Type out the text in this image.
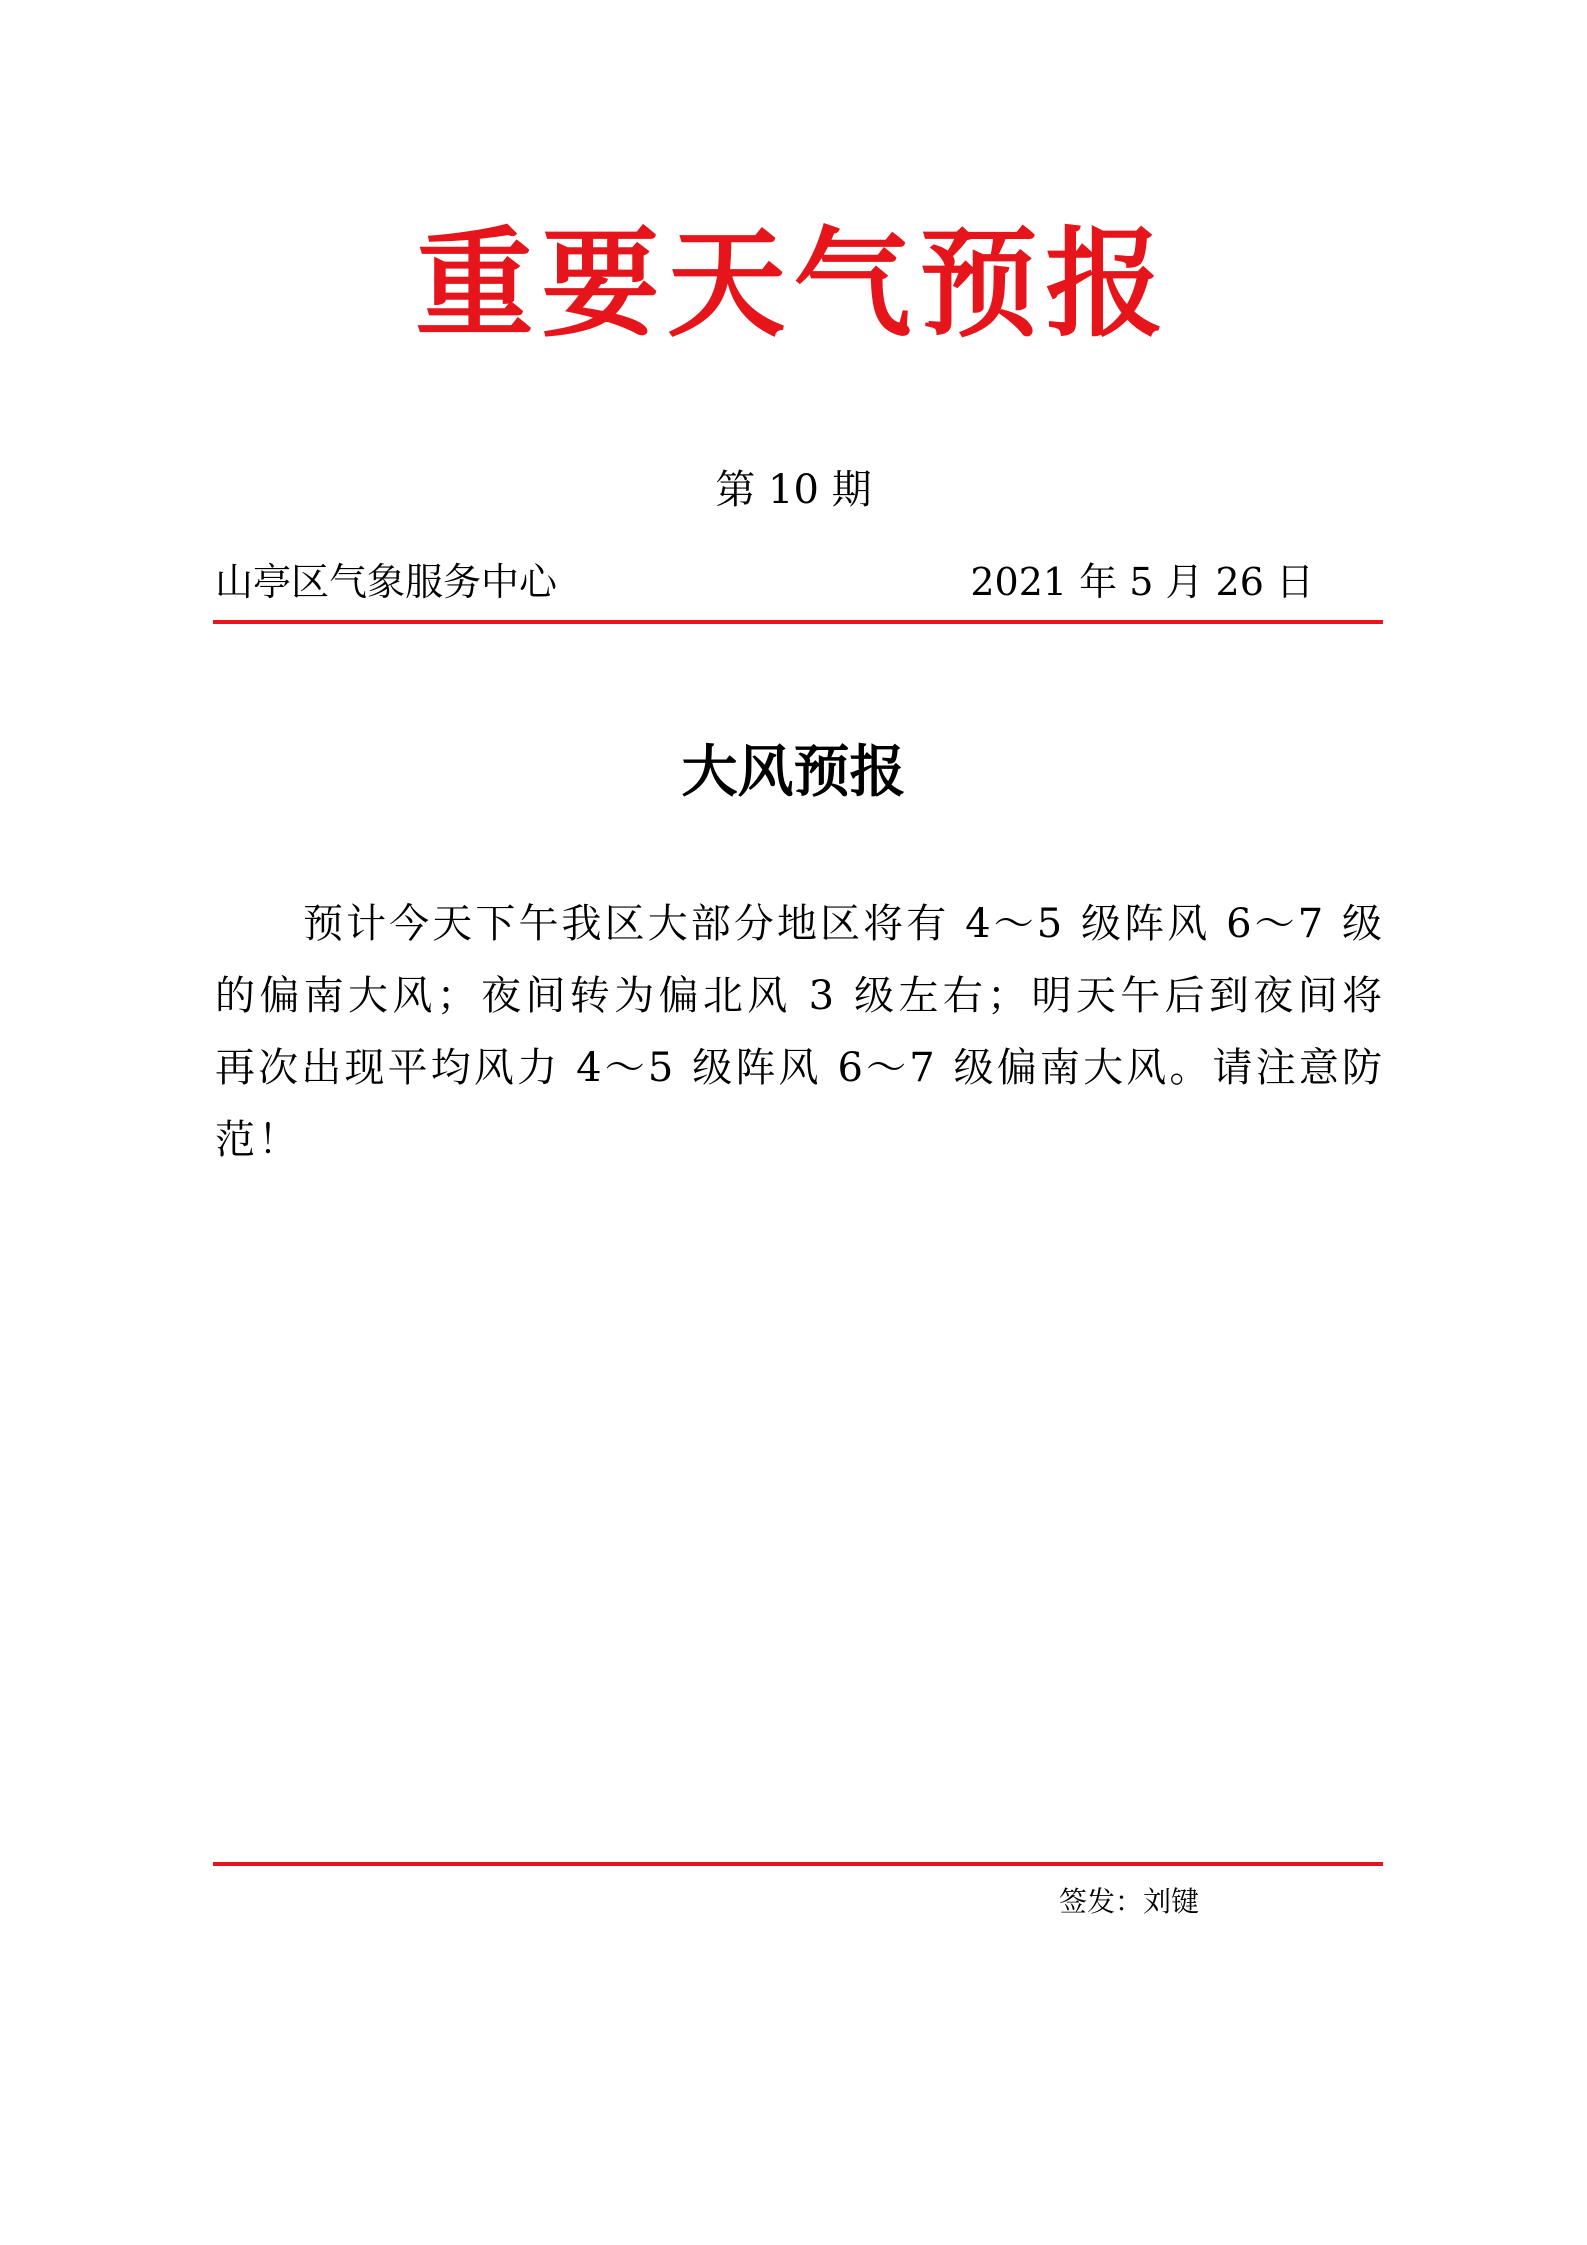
重要天气预报
第 10 期
山亭区气象服务中心	2021 年 5 月 26 日
大风预报
预计今天下午我区大部分地区将有 4～5 级阵风 6～7 级的偏南大风；夜间转为偏北风 3 级左右；明天午后到夜间将再次出现平均风力 4～5 级阵风 6～7 级偏南大风。请注意防范！
签发：刘键
